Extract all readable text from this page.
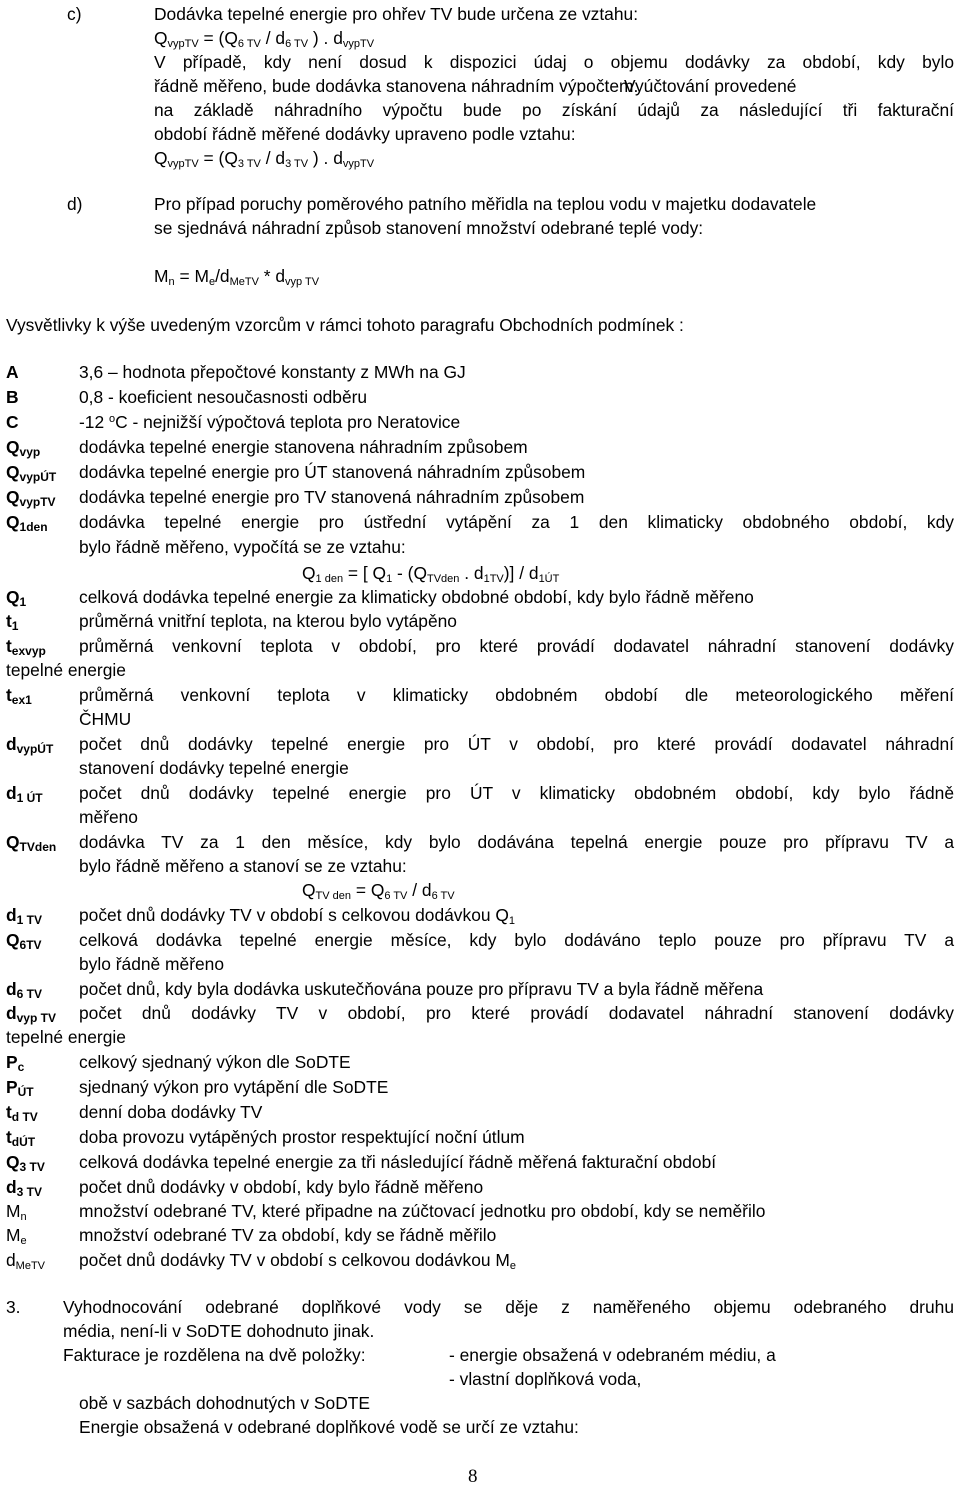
c)	Dodávka tepelné energie pro ohřev TV bude určena ze vztahu:
$Q_{vypTV} = (Q_{6 TV} / d_{6 TV}$ ) . $d_{vypTV}$
V případě, kdy není dosud k dispozici údaj o objemu dodávky za období, kdy bylo
řádně měřeno, bude dodávka stanovena náhradním výpočtem.
Vyúčtování provedené
na základě náhradního výpočtu bude po získání údajů za následující tři fakturační
období řádně měřené dodávky upraveno podle vztahu:
$Q_{vypTV} = (Q_{3 TV} / d_{3 TV}$ ) . $d_{vypTV}$
d)	Pro případ poruchy poměrového patního měřidla na teplou vodu v majetku dodavatele
se sjednává náhradní způsob stanovení množství odebrané teplé vody:
$M_n = M_e/d_{MeTV} * d_{vyp TV}$
Vysvětlivky k výše uvedeným vzorcům v rámci tohoto paragrafu Obchodních podmínek :
A	3,6 – hodnota přepočtové konstanty z MWh na GJ
B	0,8 - koeficient nesoučasnosti odběru
C	-12 $^o$C - nejnižší výpočtová teplota pro Neratovice
Qvyp dodávka tepelné energie stanovena náhradním způsobem
QvypÚT dodávka tepelné energie pro ÚT stanovená náhradním způsobem
QvypTV dodávka tepelné energie pro TV stanovená náhradním způsobem
Q1den dodávka tepelné energie pro ústřední vytápění za 1 den klimaticky obdobného období, kdy
bylo řádně měřeno, vypočítá se ze vztahu:
$Q_{1 den}$ = [ $Q_1 - (Q_{TVden}$ . $d_{1TV})] / d_{1ÚT}$
Q1	celková dodávka tepelné energie za klimaticky obdobné období, kdy bylo řádně měřeno
t1	průměrná vnitřní teplota, na kterou bylo vytápěno
texvyp průměrná venkovní teplota v období, pro které provádí dodavatel náhradní stanovení dodávky
tepelné energie
tex1	průměrná venkovní teplota v klimaticky obdobném období dle meteorologického měření
ČHMU
dvypÚT počet dnů dodávky tepelné energie pro ÚT v období, pro které provádí dodavatel náhradní
stanovení dodávky tepelné energie
d1 ÚT počet dnů dodávky tepelné energie pro ÚT v klimaticky obdobném období, kdy bylo řádně
měřeno
QTVden dodávka TV za 1 den měsíce, kdy bylo dodávána tepelná energie pouze pro přípravu TV a
bylo řádně měřeno a stanoví se ze vztahu:
$Q_{TV den} = Q_{6 TV} / d_{6 TV}$
d1 TV počet dnů dodávky TV v období s celkovou dodávkou $Q_1$
Q6TV celková dodávka tepelné energie měsíce, kdy bylo dodáváno teplo pouze pro přípravu TV a
bylo řádně měřeno
d6 TV počet dnů, kdy byla dodávka uskutečňována pouze pro přípravu TV a byla řádně měřena
dvyp TV počet dnů dodávky TV v období, pro které provádí dodavatel náhradní stanovení dodávky
tepelné energie
Pc	celkový sjednaný výkon dle SoDTE
PÚT	sjednaný výkon pro vytápění dle SoDTE
td TV denní doba dodávky TV
tdÚT	doba provozu vytápěných prostor respektující noční útlum
Q3 TV celková dodávka tepelné energie za tři následující řádně měřená fakturační období
d3 TV počet dnů dodávky v období, kdy bylo řádně měřeno
$M_n$	množství odebrané TV, které připadne na zúčtovací jednotku pro období, kdy se neměřilo
$M_e$	množství odebrané TV za období, kdy se řádně měřilo
$d_{MeTV}$ počet dnů dodávky TV v období s celkovou dodávkou $M_e$
3. Vyhodnocování odebrané doplňkové vody se děje z naměřeného objemu odebraného druhu
média, není-li v SoDTE dohodnuto jinak.
Fakturace je rozdělena na dvě položky:	- energie obsažená v odebraném médiu, a
- vlastní doplňková voda,
obě v sazbách dohodnutých v SoDTE
Energie obsažená v odebrané doplňkové vodě se určí ze vztahu:
8
